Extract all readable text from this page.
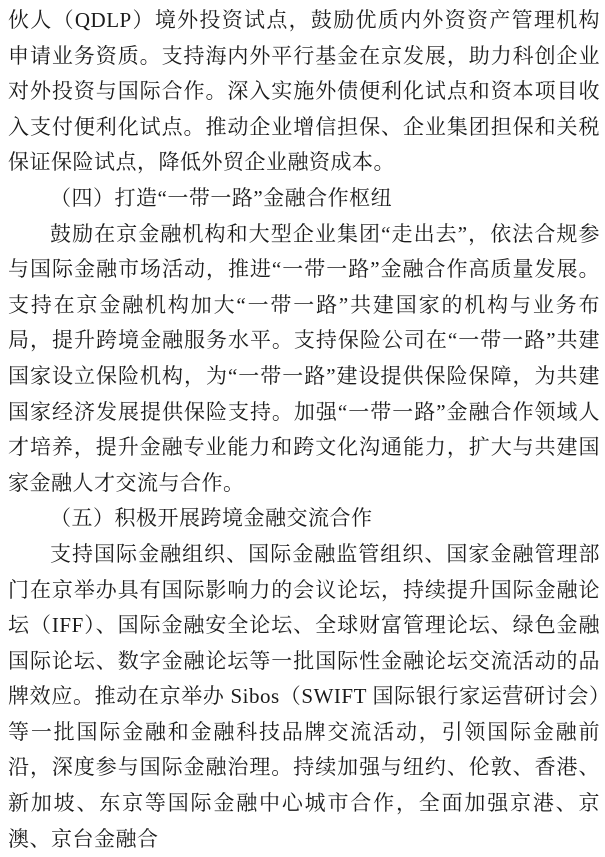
伙人（QDLP）境外投资试点，鼓励优质内外资资产管理机构申请业务资质。支持海内外平行基金在京发展，助力科创企业对外投资与国际合作。深入实施外债便利化试点和资本项目收入支付便利化试点。推动企业增信担保、企业集团担保和关税保证保险试点，降低外贸企业融资成本。

（四）打造“一带一路”金融合作枢纽

鼓励在京金融机构和大型企业集团“走出去”，依法合规参与国际金融市场活动，推进“一带一路”金融合作高质量发展。支持在京金融机构加大“一带一路”共建国家的机构与业务布局，提升跨境金融服务水平。支持保险公司在“一带一路”共建国家设立保险机构，为“一带一路”建设提供保险保障，为共建国家经济发展提供保险支持。加强“一带一路”金融合作领域人才培养，提升金融专业能力和跨文化沟通能力，扩大与共建国家金融人才交流与合作。

（五）积极开展跨境金融交流合作

支持国际金融组织、国际金融监管组织、国家金融管理部门在京举办具有国际影响力的会议论坛，持续提升国际金融论坛（IFF）、国际金融安全论坛、全球财富管理论坛、绿色金融国际论坛、数字金融论坛等一批国际性金融论坛交流活动的品牌效应。推动在京举办 Sibos（SWIFT 国际银行家运营研讨会）等一批国际金融和金融科技品牌交流活动，引领国际金融前沿，深度参与国际金融治理。持续加强与纽约、伦敦、香港、新加坡、东京等国际金融中心城市合作，全面加强京港、京澳、京台金融合
